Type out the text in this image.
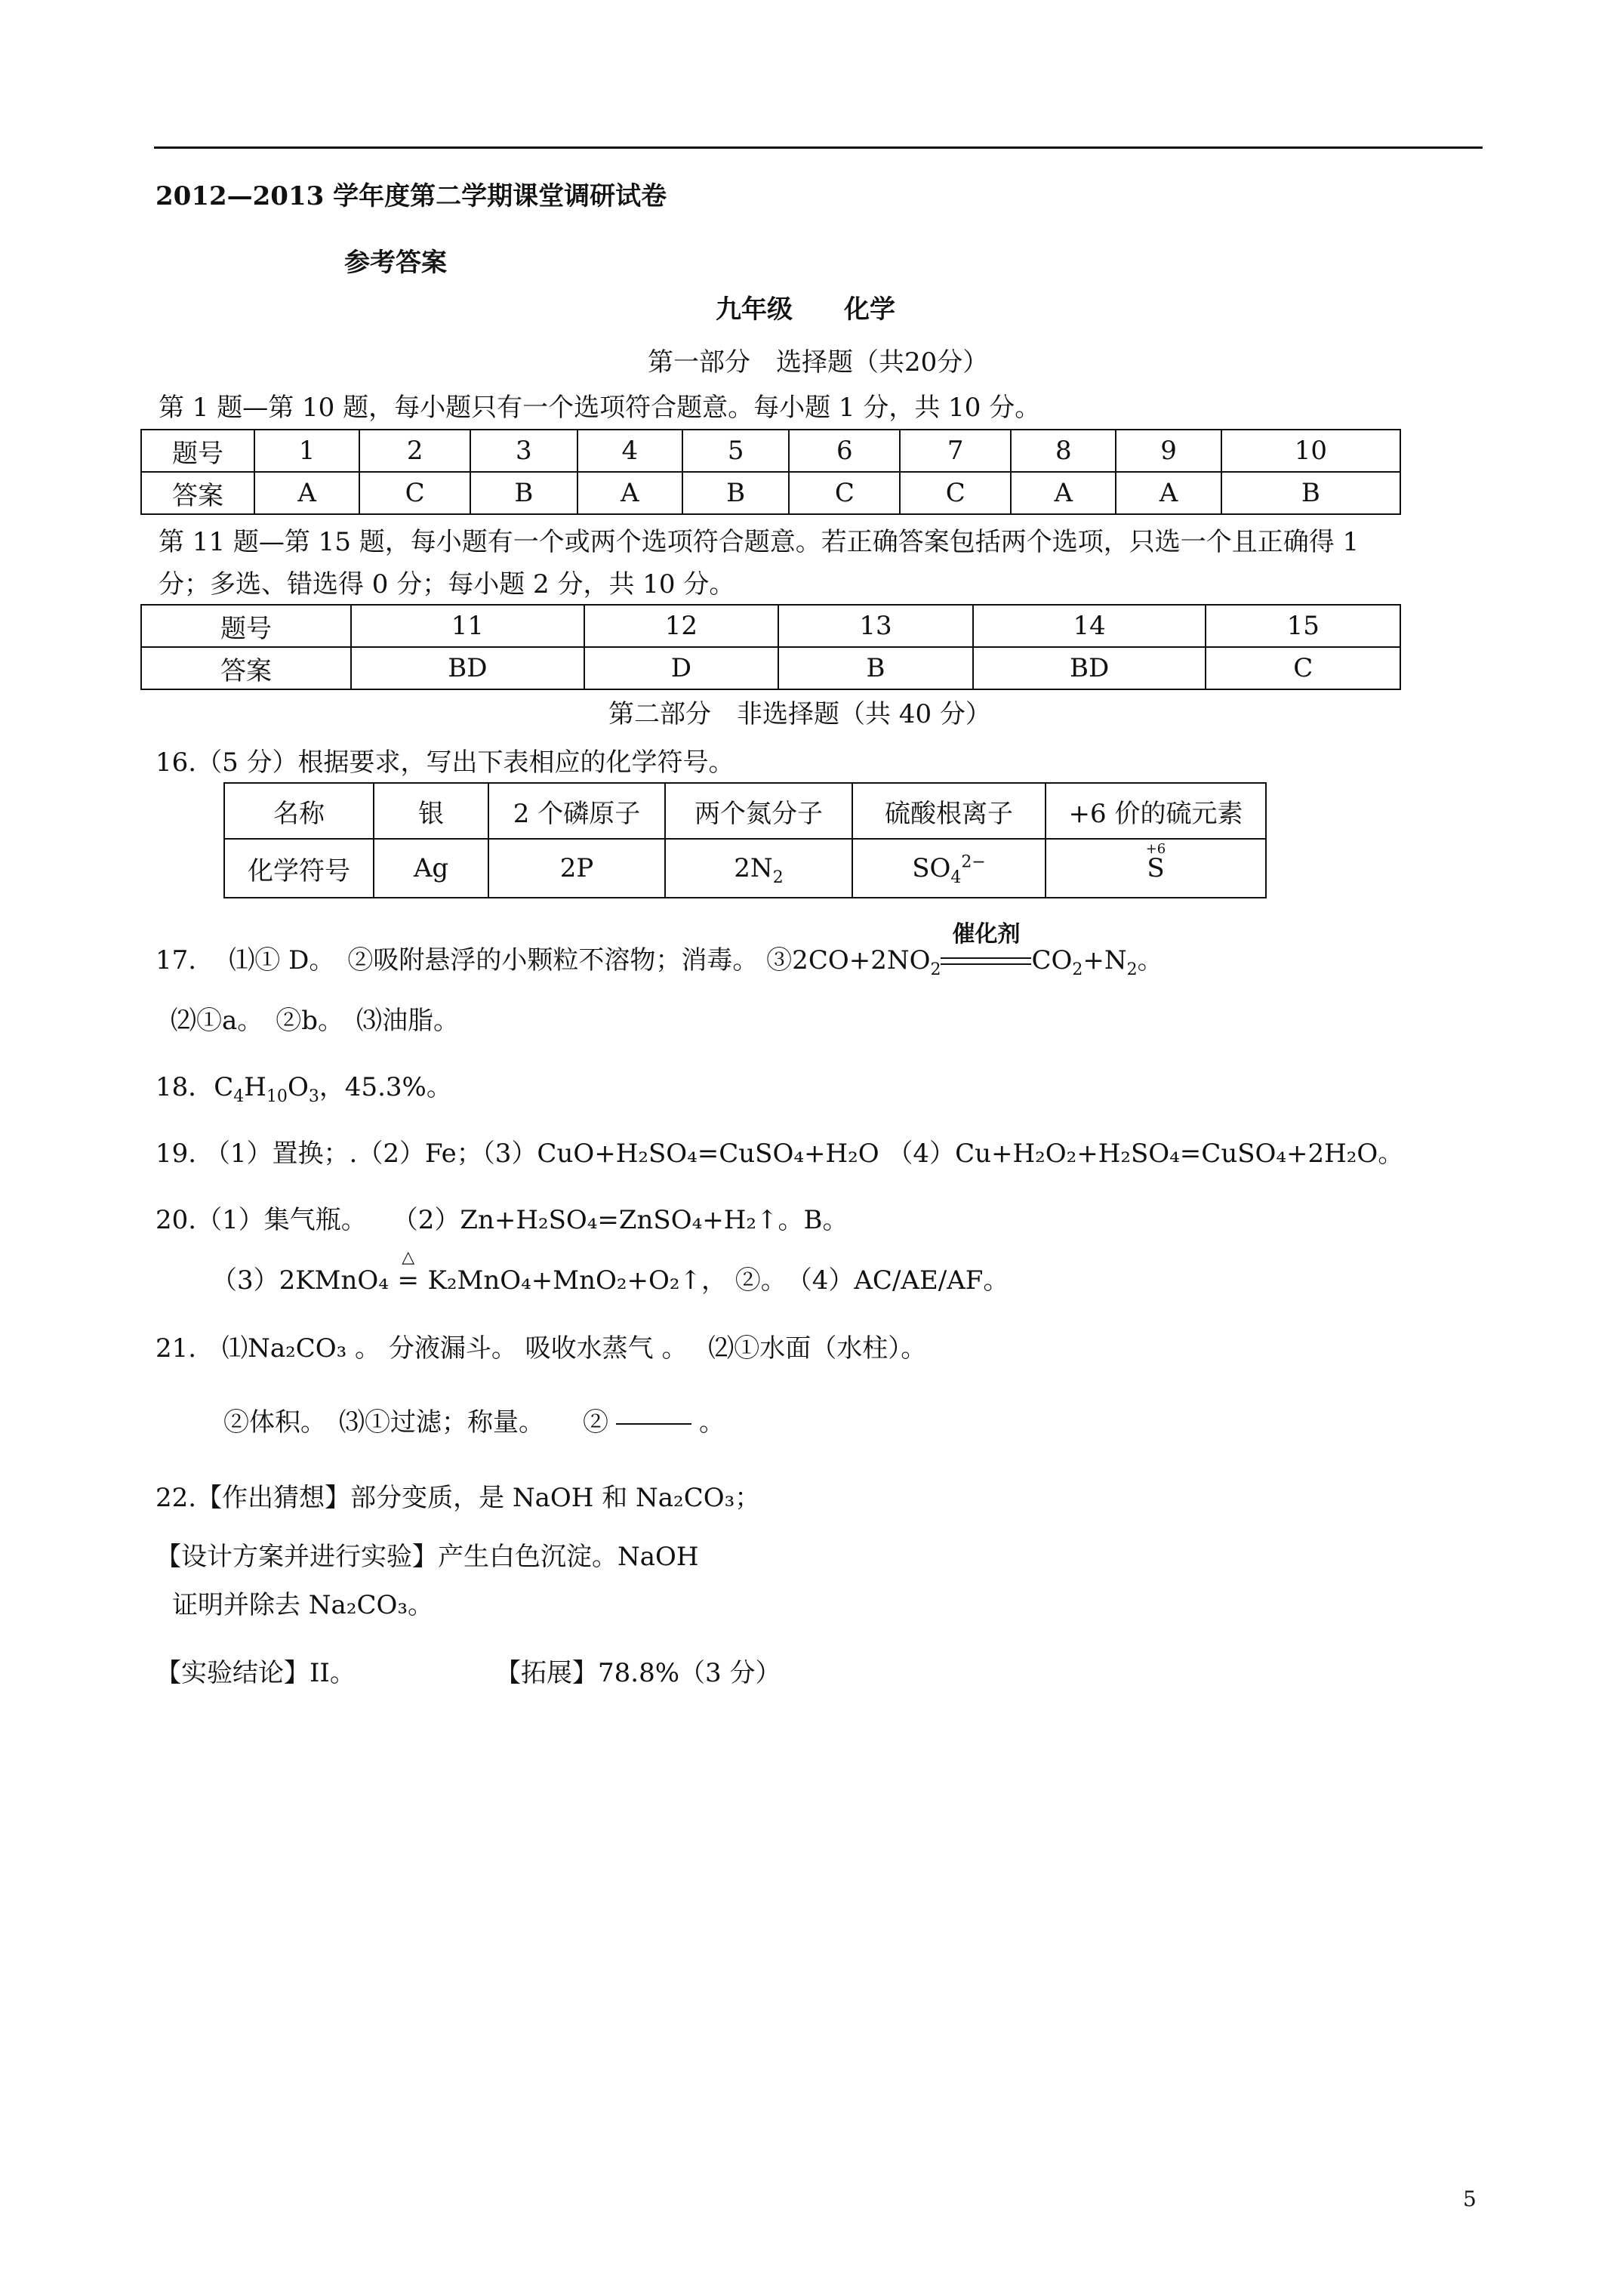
2012—2013 学年度第二学期课堂调研试卷
参考答案
九年级　　化学
第一部分　选择题（共20分）
第 1 题—第 10 题，每小题只有一个选项符合题意。每小题 1 分，共 10 分。
题号	1	2	3	4	5	6	7	8	9	10
答案	A	C	B	A	B	C	C	A	A	B
第 11 题—第 15 题，每小题有一个或两个选项符合题意。若正确答案包括两个选项，只选一个且正确得 1
分；多选、错选得 0 分；每小题 2 分，共 10 分。
题号	11	12	13	14	15
答案	BD	D	B	BD	C
第二部分　非选择题（共 40 分）
16.（5 分）根据要求，写出下表相应的化学符号。
名称	银	2 个磷原子	两个氮分子	硫酸根离子	+6 价的硫元素
化学符号	Ag	2P	$2N_2$	$SO_4^{2-}$	+6
S
17. ⑴① D。　②吸附悬浮的小颗粒不溶物；消毒。 $③2CO+2NO_2$
催化剂
$CO_2+N_2$。
⑵①a。　②b。　⑶油脂。
18．$C_4H_{10}O_3$，45.3%。
19. （1）置换；.（2）Fe；（3）CuO+H₂SO₄=CuSO₄+H₂O （4）Cu+H₂O₂+H₂SO₄=CuSO₄+2H₂O。
20.（1）集气瓶。　　（2）Zn+H₂SO₄=ZnSO₄+H₂↑。B。
（3）2KMnO₄
△
= K₂MnO₄+MnO₂+O₂↑， ②。　（4）AC/AE/AF。
21.　⑴Na₂CO₃ 。 分液漏斗。 吸收水蒸气 。　 ⑵①水面（水柱）。
②体积。　⑶①过滤；称量。　　②	。
22.【作出猜想】部分变质，是 NaOH 和 Na₂CO₃；
【设计方案并进行实验】产生白色沉淀。NaOH
证明并除去 Na₂CO₃。
【实验结论】II。	【拓展】78.8%（3 分）
5
